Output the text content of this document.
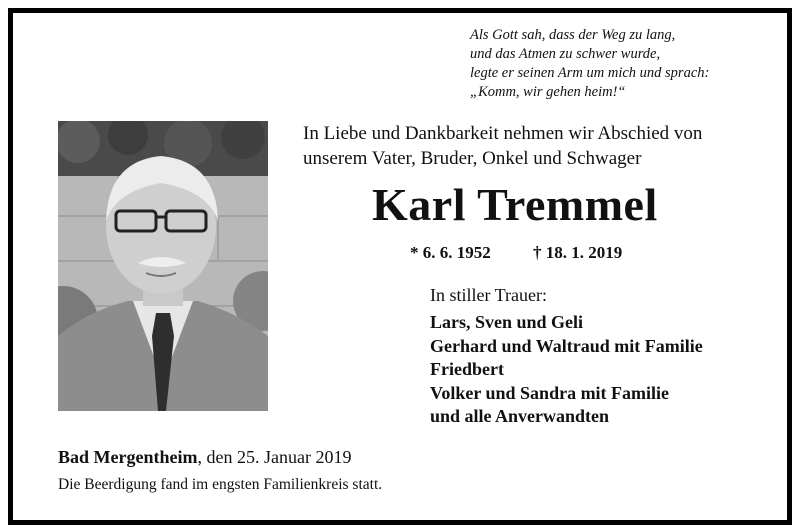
Als Gott sah, dass der Weg zu lang,
und das Atmen zu schwer wurde,
legte er seinen Arm um mich und sprach:
„Komm, wir gehen heim!“
In Liebe und Dankbarkeit nehmen wir Abschied von
unserem Vater, Bruder, Onkel und Schwager
Karl Tremmel
* 6. 6. 1952 † 18. 1. 2019
In stiller Trauer:
Lars, Sven und Geli
Gerhard und Waltraud mit Familie
Friedbert
Volker und Sandra mit Familie
und alle Anverwandten
Bad Mergentheim, den 25. Januar 2019
Die Beerdigung fand im engsten Familienkreis statt.
